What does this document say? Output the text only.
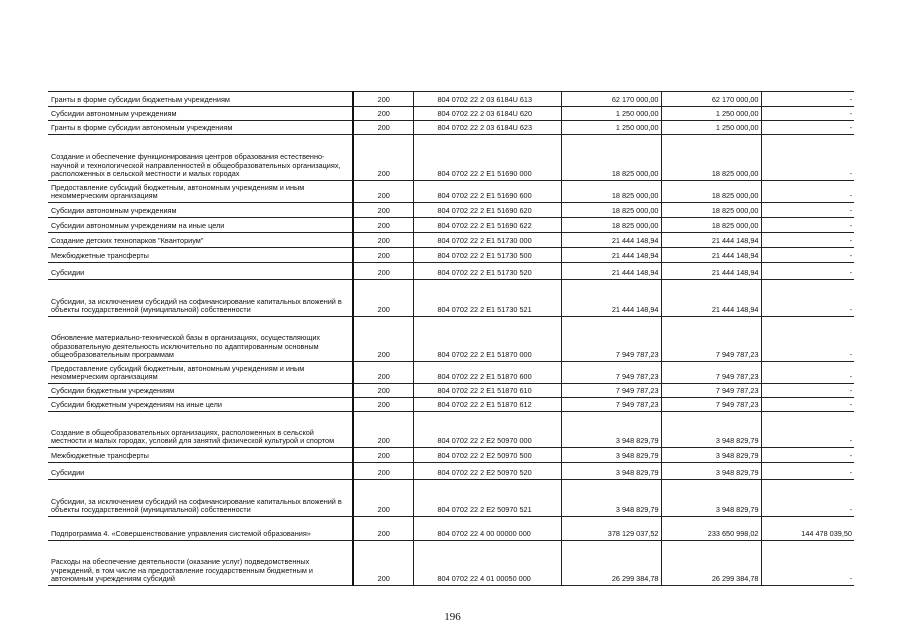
Гранты в форме субсидии бюджетным учреждениям	200	804 0702 22 2 03 6184U 613	62 170 000,00	62 170 000,00	-
Субсидии автономным учреждениям	200	804 0702 22 2 03 6184U 620	1 250 000,00	1 250 000,00	-
Гранты в форме субсидии автономным учреждениям	200	804 0702 22 2 03 6184U 623	1 250 000,00	1 250 000,00	-
Создание и обеспечение функционирования центров образования естественно-научной и технологической направленностей в общеобразовательных организациях, расположенных в сельской местности и малых городах	200	804 0702 22 2 E1 51690 000	18 825 000,00	18 825 000,00	-
Предоставление субсидий бюджетным, автономным учреждениям и иным некоммерческим организациям	200	804 0702 22 2 E1 51690 600	18 825 000,00	18 825 000,00	-
Субсидии автономным учреждениям	200	804 0702 22 2 E1 51690 620	18 825 000,00	18 825 000,00	-
Субсидии автономным учреждениям на иные цели	200	804 0702 22 2 E1 51690 622	18 825 000,00	18 825 000,00	-
Создание детских технопарков "Кванториум"	200	804 0702 22 2 E1 51730 000	21 444 148,94	21 444 148,94	-
Межбюджетные трансферты	200	804 0702 22 2 E1 51730 500	21 444 148,94	21 444 148,94	-
Субсидии	200	804 0702 22 2 E1 51730 520	21 444 148,94	21 444 148,94	-
Субсидии, за исключением субсидий на софинансирование капитальных вложений в объекты государственной (муниципальной) собственности	200	804 0702 22 2 E1 51730 521	21 444 148,94	21 444 148,94	-
Обновление материально-технической базы в организациях, осуществляющих образовательную деятельность исключительно по адаптированным основным общеобразовательным программам	200	804 0702 22 2 E1 51870 000	7 949 787,23	7 949 787,23	-
Предоставление субсидий бюджетным, автономным учреждениям и иным некоммерческим организациям	200	804 0702 22 2 E1 51870 600	7 949 787,23	7 949 787,23	-
Субсидии бюджетным учреждениям	200	804 0702 22 2 E1 51870 610	7 949 787,23	7 949 787,23	-
Субсидии бюджетным учреждениям на иные цели	200	804 0702 22 2 E1 51870 612	7 949 787,23	7 949 787,23	-
Создание в общеобразовательных организациях, расположенных в сельской местности и малых городах, условий для занятий физической культурой и спортом	200	804 0702 22 2 E2 50970 000	3 948 829,79	3 948 829,79	-
Межбюджетные трансферты	200	804 0702 22 2 E2 50970 500	3 948 829,79	3 948 829,79	-
Субсидии	200	804 0702 22 2 E2 50970 520	3 948 829,79	3 948 829,79	-
Субсидии, за исключением субсидий на софинансирование капитальных вложений в объекты государственной (муниципальной) собственности	200	804 0702 22 2 E2 50970 521	3 948 829,79	3 948 829,79	-
Подпрограмма 4. «Совершенствование управления системой образования»	200	804 0702 22 4 00 00000 000	378 129 037,52	233 650 998,02	144 478 039,50
Расходы на обеспечение деятельности (оказание услуг) подведомственных учреждений, в том числе на предоставление государственным бюджетным и автономным учреждениям субсидий	200	804 0702 22 4 01 00050 000	26 299 384,78	26 299 384,78	-
196
